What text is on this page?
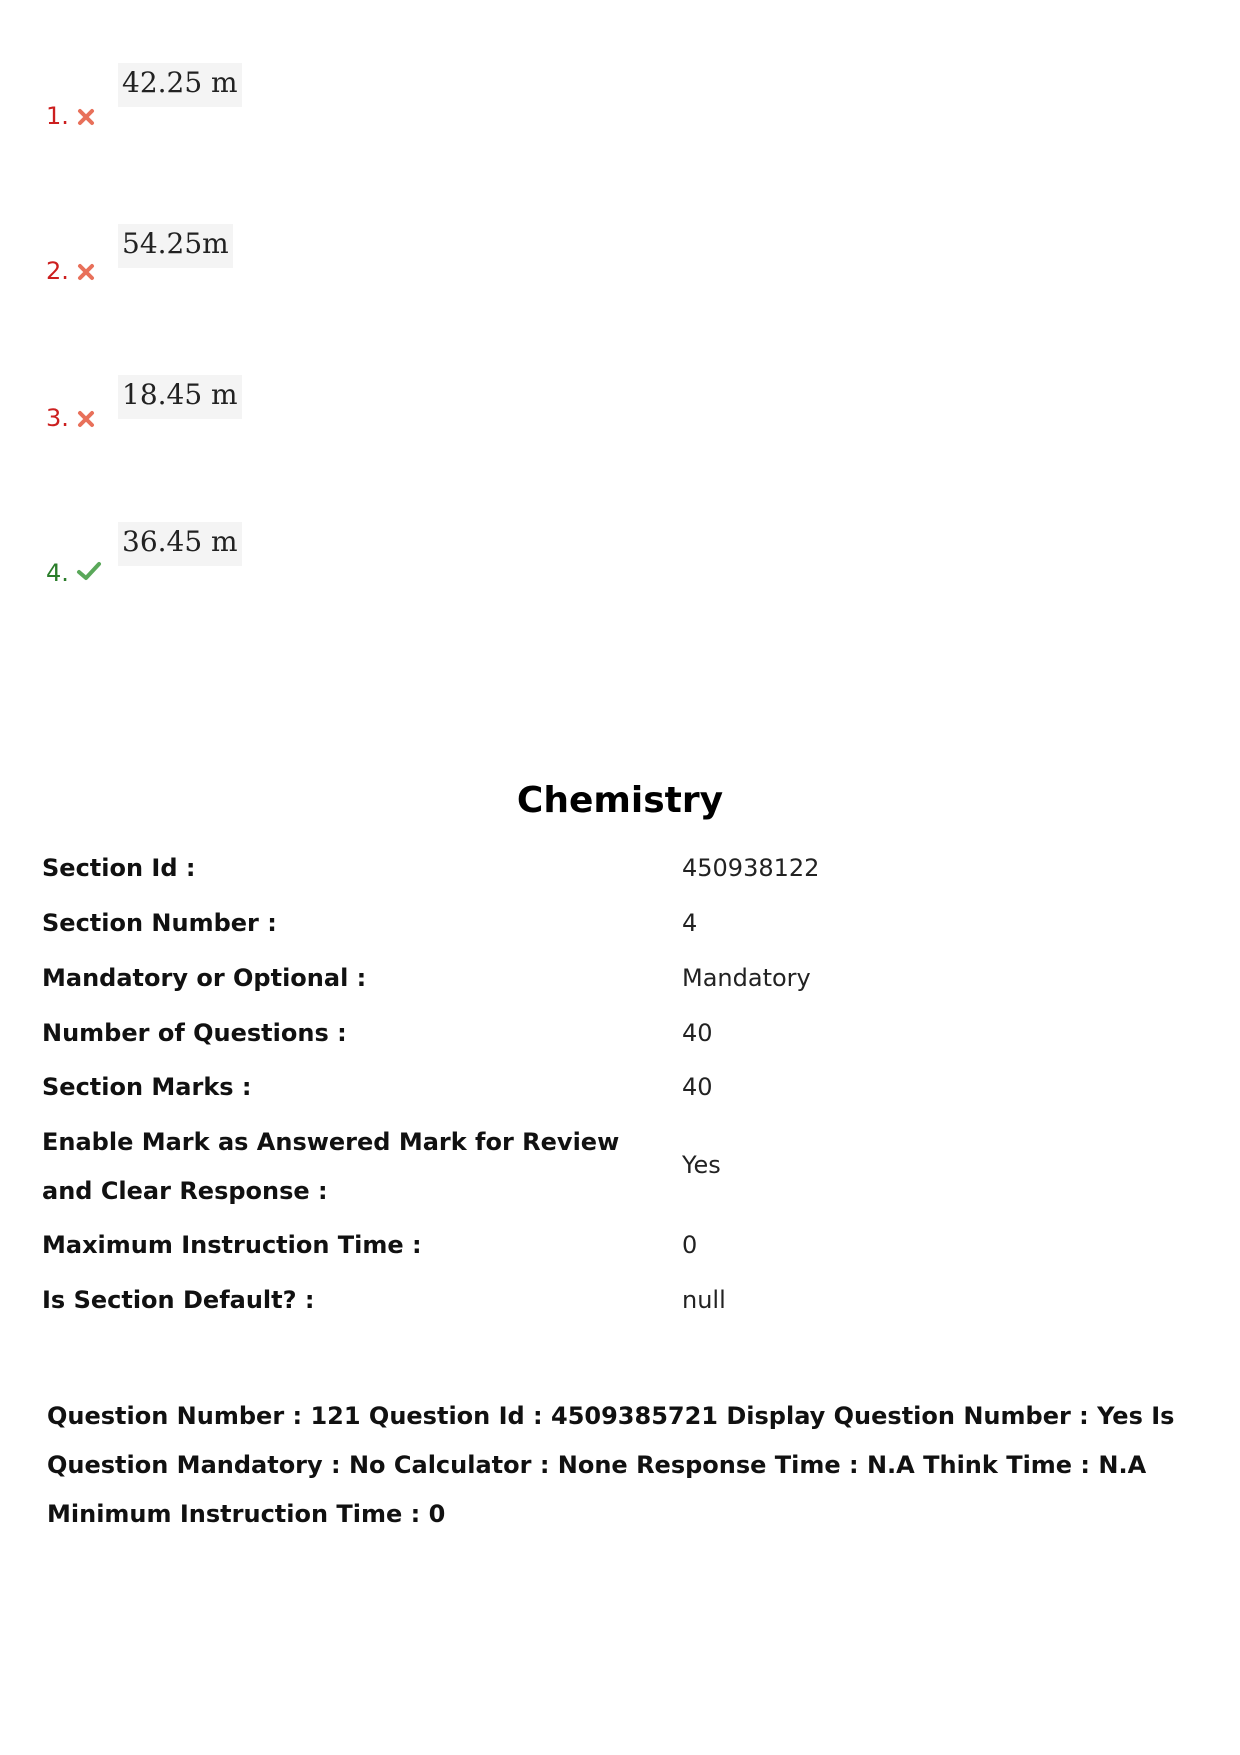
42.25 m
1.
54.25m
2.
18.45 m
3.
36.45 m
4.
Chemistry
Section Id :	450938122
Section Number :	4
Mandatory or Optional :	Mandatory
Number of Questions :	40
Section Marks :	40
Enable Mark as Answered Mark for Review and Clear Response :
Yes
Maximum Instruction Time :	0
Is Section Default? :	null
Question Number : 121 Question Id : 4509385721 Display Question Number : Yes Is Question Mandatory : No Calculator : None Response Time : N.A Think Time : N.A Minimum Instruction Time : 0
